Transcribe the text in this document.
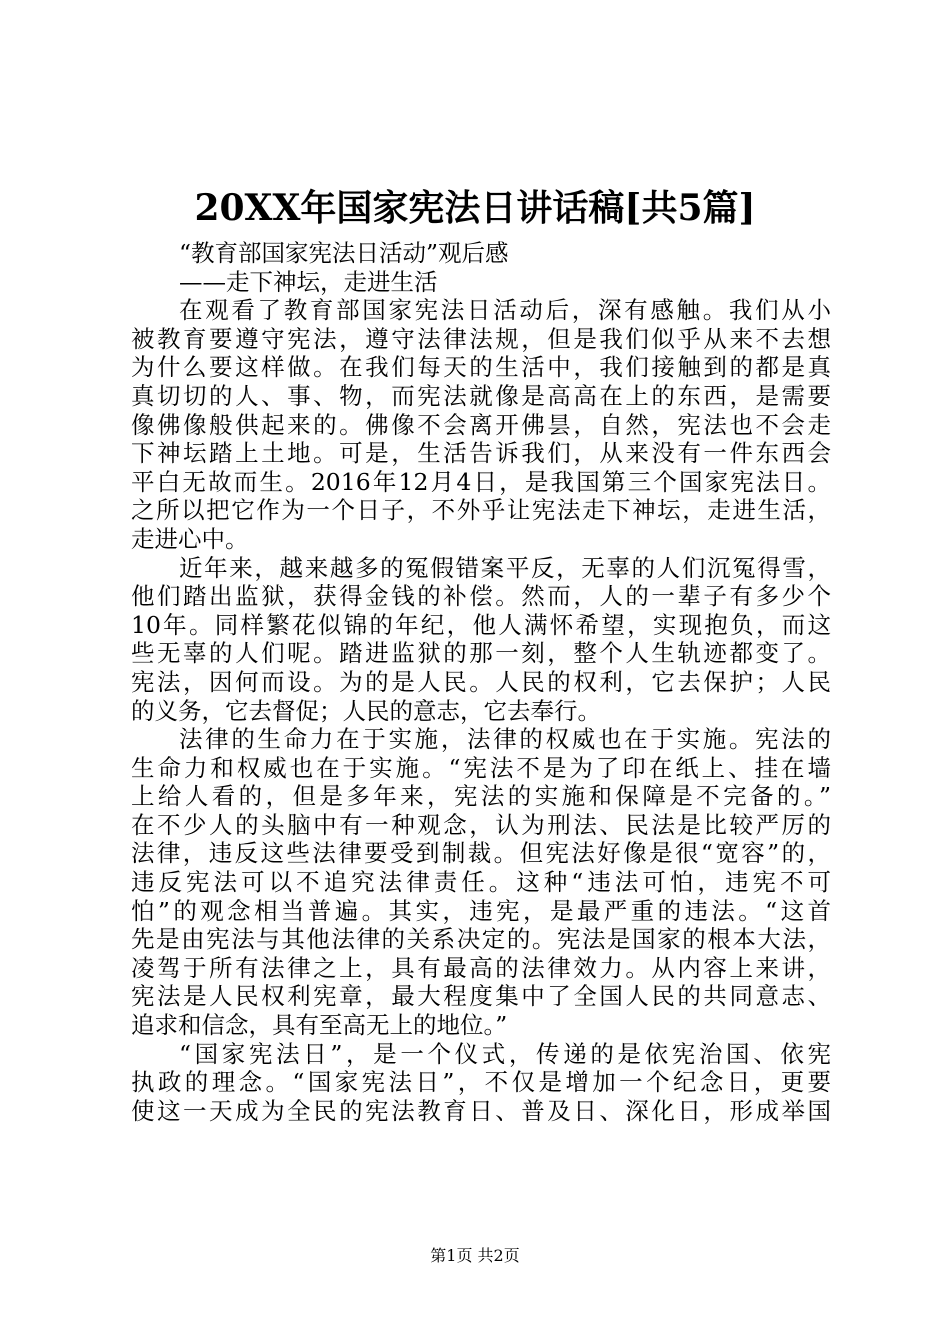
20XX年国家宪法日讲话稿[共5篇]
“教育部国家宪法日活动”观后感
——走下神坛，走进生活
在观看了教育部国家宪法日活动后，深有感触。我们从小
被教育要遵守宪法，遵守法律法规，但是我们似乎从来不去想
为什么要这样做。在我们每天的生活中，我们接触到的都是真
真切切的人、事、物，而宪法就像是高高在上的东西，是需要
像佛像般供起来的。佛像不会离开佛昙，自然，宪法也不会走
下神坛踏上土地。可是，生活告诉我们，从来没有一件东西会
平白无故而生。2016年12月4日，是我国第三个国家宪法日。
之所以把它作为一个日子，不外乎让宪法走下神坛，走进生活，
走进心中。
近年来，越来越多的冤假错案平反，无辜的人们沉冤得雪，
他们踏出监狱，获得金钱的补偿。然而，人的一辈子有多少个
10年。同样繁花似锦的年纪，他人满怀希望，实现抱负，而这
些无辜的人们呢。踏进监狱的那一刻，整个人生轨迹都变了。
宪法，因何而设。为的是人民。人民的权利，它去保护；人民
的义务，它去督促；人民的意志，它去奉行。
法律的生命力在于实施，法律的权威也在于实施。宪法的
生命力和权威也在于实施。“宪法不是为了印在纸上、挂在墙
上给人看的，但是多年来，宪法的实施和保障是不完备的。”
在不少人的头脑中有一种观念，认为刑法、民法是比较严厉的
法律，违反这些法律要受到制裁。但宪法好像是很“宽容”的，
违反宪法可以不追究法律责任。这种“违法可怕，违宪不可
怕”的观念相当普遍。其实，违宪，是最严重的违法。“这首
先是由宪法与其他法律的关系决定的。宪法是国家的根本大法，
凌驾于所有法律之上，具有最高的法律效力。从内容上来讲，
宪法是人民权利宪章，最大程度集中了全国人民的共同意志、
追求和信念，具有至高无上的地位。”
“国家宪法日”，是一个仪式，传递的是依宪治国、依宪
执政的理念。“国家宪法日”，不仅是增加一个纪念日，更要
使这一天成为全民的宪法教育日、普及日、深化日，形成举国
第1页 共2页
